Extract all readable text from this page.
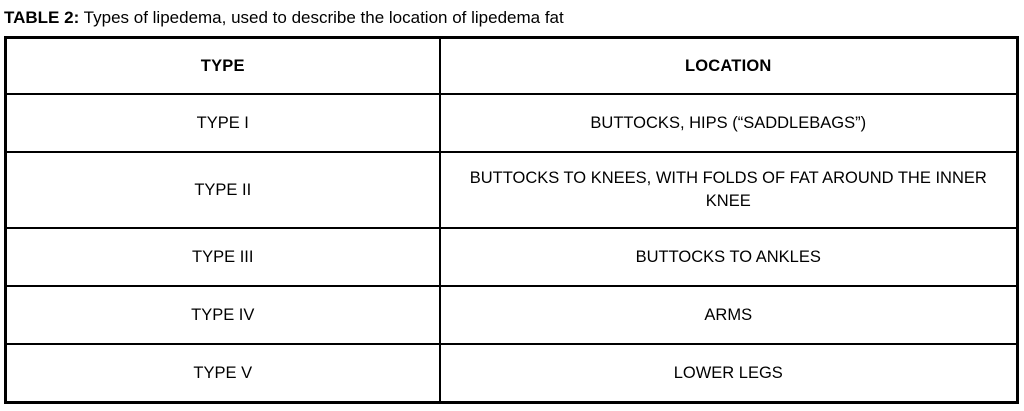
TABLE 2: Types of lipedema, used to describe the location of lipedema fat
TYPE	LOCATION
TYPE I	BUTTOCKS, HIPS (“SADDLEBAGS”)
TYPE II	BUTTOCKS TO KNEES, WITH FOLDS OF FAT AROUND THE INNER KNEE
TYPE III	BUTTOCKS TO ANKLES
TYPE IV	ARMS
TYPE V	LOWER LEGS
